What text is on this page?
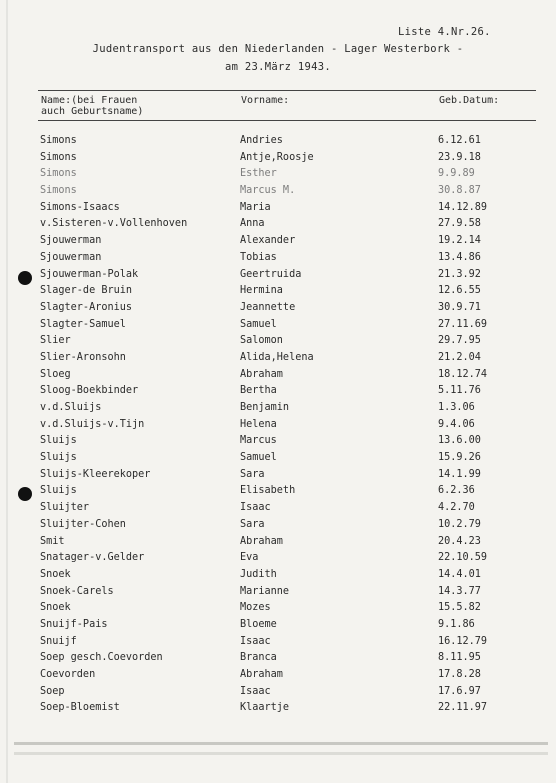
Liste 4.Nr.26.
Judentransport aus den Niederlanden - Lager Westerbork -
am 23.März 1943.
Name:(bei Frauen
auch Geburtsname)
Vorname:	Geb.Datum:
Simons	Andries	6.12.61
Simons	Antje,Roosje	23.9.18
Simons	Esther	9.9.89
Simons	Marcus M.	30.8.87
Simons-Isaacs	Maria	14.12.89
v.Sisteren-v.Vollenhoven	Anna	27.9.58
Sjouwerman	Alexander	19.2.14
Sjouwerman	Tobias	13.4.86
Sjouwerman-Polak	Geertruida	21.3.92
Slager-de Bruin	Hermina	12.6.55
Slagter-Aronius	Jeannette	30.9.71
Slagter-Samuel	Samuel	27.11.69
Slier	Salomon	29.7.95
Slier-Aronsohn	Alida,Helena	21.2.04
Sloeg	Abraham	18.12.74
Sloog-Boekbinder	Bertha	5.11.76
v.d.Sluijs	Benjamin	1.3.06
v.d.Sluijs-v.Tijn	Helena	9.4.06
Sluijs	Marcus	13.6.00
Sluijs	Samuel	15.9.26
Sluijs-Kleerekoper	Sara	14.1.99
Sluijs	Elisabeth	6.2.36
Sluijter	Isaac	4.2.70
Sluijter-Cohen	Sara	10.2.79
Smit	Abraham	20.4.23
Snatager-v.Gelder	Eva	22.10.59
Snoek	Judith	14.4.01
Snoek-Carels	Marianne	14.3.77
Snoek	Mozes	15.5.82
Snuijf-Pais	Bloeme	9.1.86
Snuijf	Isaac	16.12.79
Soep gesch.Coevorden	Branca	8.11.95
Coevorden	Abraham	17.8.28
Soep	Isaac	17.6.97
Soep-Bloemist	Klaartje	22.11.97
